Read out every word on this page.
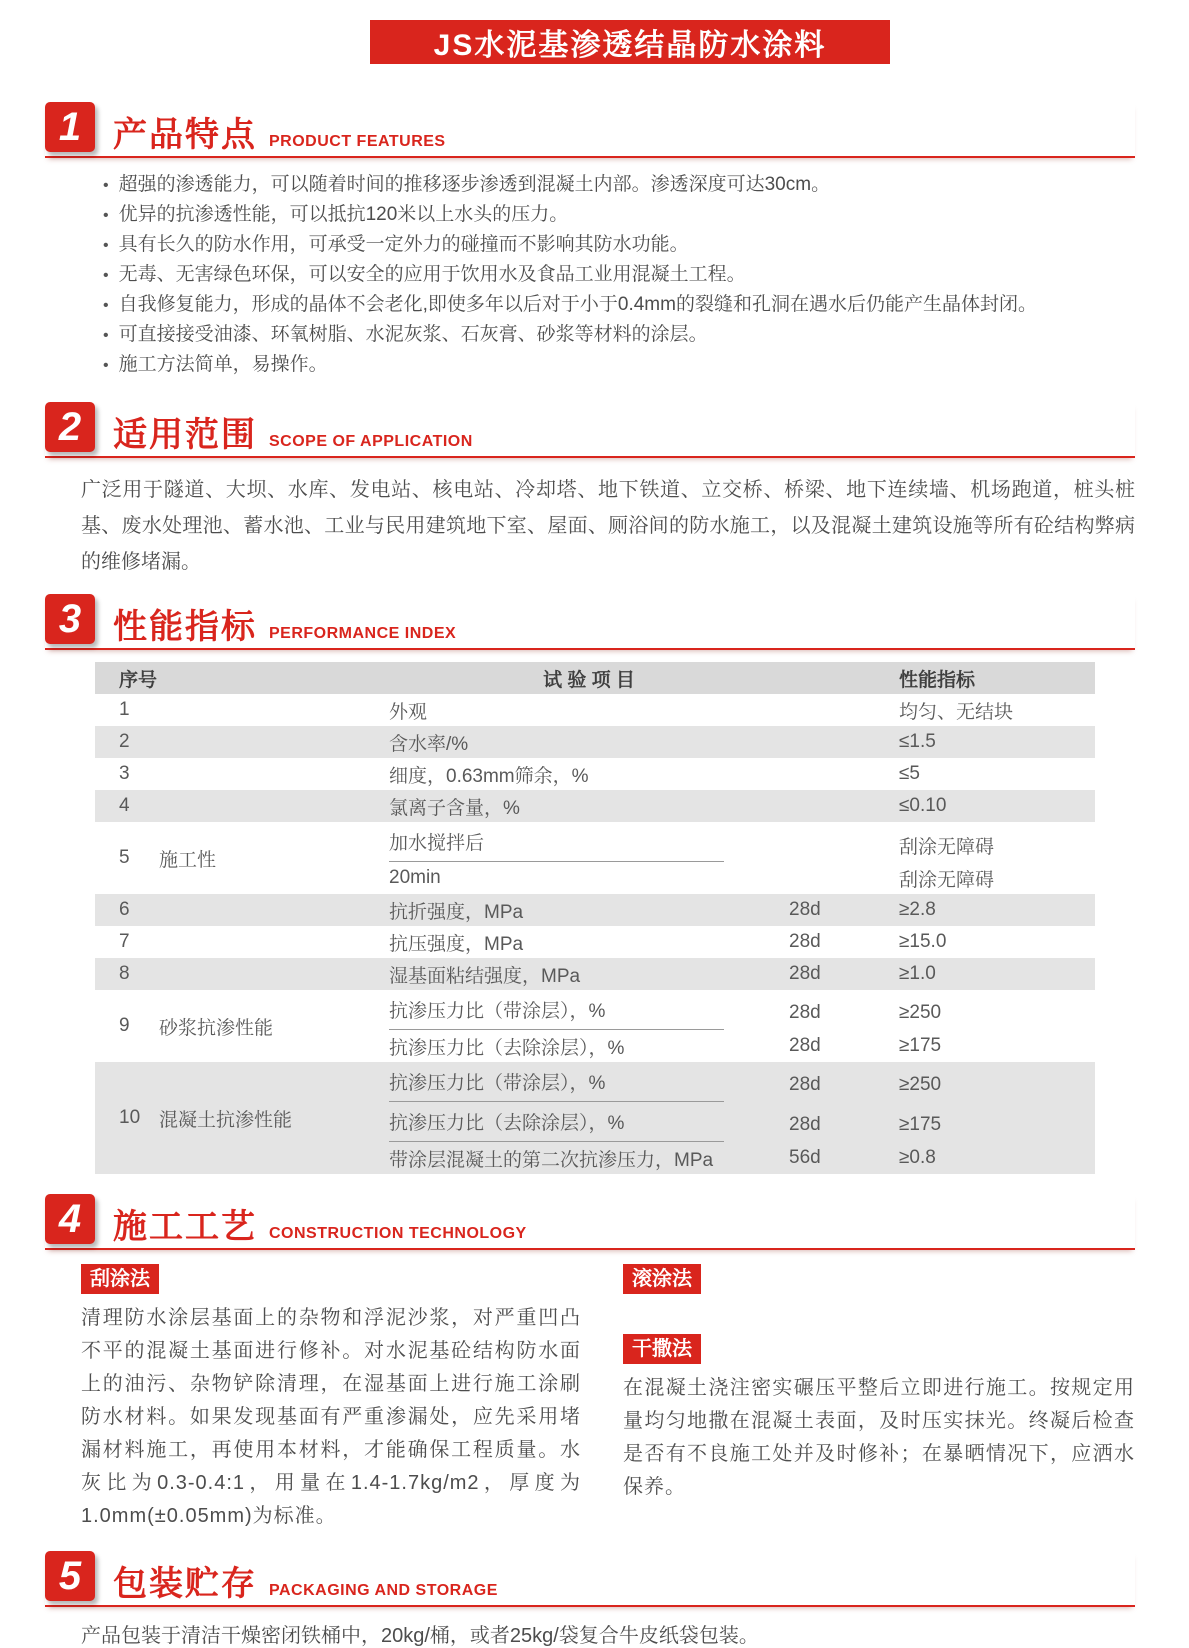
JS水泥基渗透结晶防水涂料
1 产品特点 PRODUCT FEATURES
• 超强的渗透能力，可以随着时间的推移逐步渗透到混凝土内部。渗透深度可达30cm。
• 优异的抗渗透性能，可以抵抗120米以上水头的压力。
• 具有长久的防水作用，可承受一定外力的碰撞而不影响其防水功能。
• 无毒、无害绿色环保，可以安全的应用于饮用水及食品工业用混凝土工程。
• 自我修复能力，形成的晶体不会老化,即使多年以后对于小于0.4mm的裂缝和孔洞在遇水后仍能产生晶体封闭。
• 可直接接受油漆、环氧树脂、水泥灰浆、石灰膏、砂浆等材料的涂层。
• 施工方法简单，易操作。
2 适用范围 SCOPE OF APPLICATION

广泛用于隧道、大坝、水库、发电站、核电站、冷却塔、地下铁道、立交桥、桥梁、地下连续墙、机场跑道，桩头桩基、废水处理池、蓄水池、工业与民用建筑地下室、屋面、厕浴间的防水施工，以及混凝土建筑设施等所有砼结构弊病的维修堵漏。

3 性能指标 PERFORMANCE INDEX
序号	试 验 项 目	性能指标
1	外观	均匀、无结块
2	含水率/%	≤1.5
3	细度，0.63mm筛余，%	≤5
4	氯离子含量，%	≤0.10
5	施工性
加水搅拌后	刮涂无障碍
20min	刮涂无障碍
6	抗折强度，MPa	28d	≥2.8
7	抗压强度，MPa	28d	≥15.0
8	湿基面粘结强度，MPa	28d	≥1.0
9	砂浆抗渗性能
抗渗压力比（带涂层），%	28d	≥250
抗渗压力比（去除涂层），%	28d	≥175
10 混凝土抗渗性能
抗渗压力比（带涂层），%	28d	≥250
抗渗压力比（去除涂层），%	28d	≥175
带涂层混凝土的第二次抗渗压力，MPa	56d	≥0.8
4 施工工艺 CONSTRUCTION TECHNOLOGY
刮涂法

清理防水涂层基面上的杂物和浮泥沙浆，对严重凹凸不平的混凝土基面进行修补。对水泥基砼结构防水面上的油污、杂物铲除清理，在湿基面上进行施工涂刷防水材料。如果发现基面有严重渗漏处，应先采用堵漏材料施工，再使用本材料，才能确保工程质量。水灰比为0.3-0.4:1，用量在1.4-1.7kg/m2，厚度为1.0mm(±0.05mm)为标准。

滚涂法
干撒法

在混凝土浇注密实碾压平整后立即进行施工。按规定用量均匀地撒在混凝土表面，及时压实抹光。终凝后检查是否有不良施工处并及时修补；在暴晒情况下，应洒水保养。

5 包装贮存 PACKAGING AND STORAGE

产品包装于清洁干燥密闭铁桶中，20kg/桶，或者25kg/袋复合牛皮纸袋包装。
